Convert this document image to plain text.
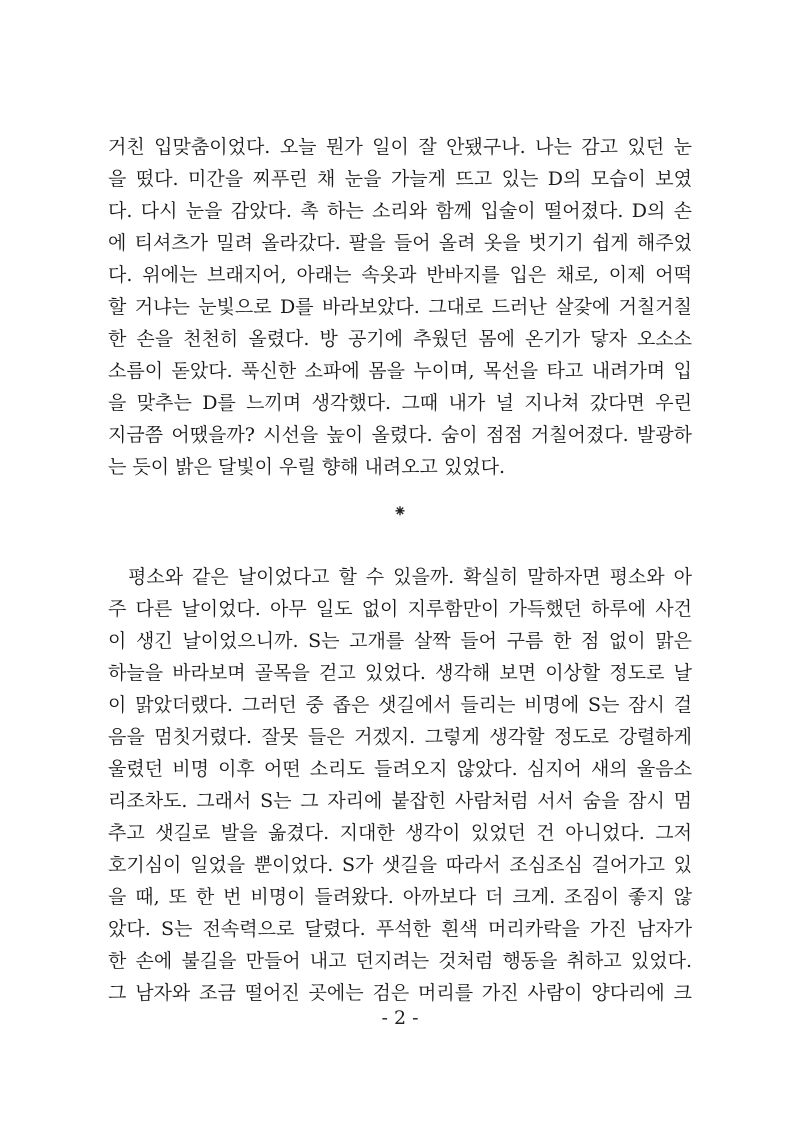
거친 입맞춤이었다. 오늘 뭔가 일이 잘 안됐구나. 나는 감고 있던 눈
을 떴다. 미간을 찌푸린 채 눈을 가늘게 뜨고 있는 D의 모습이 보였
다. 다시 눈을 감았다. 촉 하는 소리와 함께 입술이 떨어졌다. D의 손
에 티셔츠가 밀려 올라갔다. 팔을 들어 올려 옷을 벗기기 쉽게 해주었
다. 위에는 브래지어, 아래는 속옷과 반바지를 입은 채로, 이제 어떡
할 거냐는 눈빛으로 D를 바라보았다. 그대로 드러난 살갗에 거칠거칠
한 손을 천천히 올렸다. 방 공기에 추웠던 몸에 온기가 닿자 오소소
소름이 돋았다. 푹신한 소파에 몸을 누이며, 목선을 타고 내려가며 입
을 맞추는 D를 느끼며 생각했다. 그때 내가 널 지나쳐 갔다면 우린
지금쯤 어땠을까? 시선을 높이 올렸다. 숨이 점점 거칠어졌다. 발광하
는 듯이 밝은 달빛이 우릴 향해 내려오고 있었다.
⁕
평소와 같은 날이었다고 할 수 있을까. 확실히 말하자면 평소와 아
주 다른 날이었다. 아무 일도 없이 지루함만이 가득했던 하루에 사건
이 생긴 날이었으니까. S는 고개를 살짝 들어 구름 한 점 없이 맑은
하늘을 바라보며 골목을 걷고 있었다. 생각해 보면 이상할 정도로 날
이 맑았더랬다. 그러던 중 좁은 샛길에서 들리는 비명에 S는 잠시 걸
음을 멈칫거렸다. 잘못 들은 거겠지. 그렇게 생각할 정도로 강렬하게
울렸던 비명 이후 어떤 소리도 들려오지 않았다. 심지어 새의 울음소
리조차도. 그래서 S는 그 자리에 붙잡힌 사람처럼 서서 숨을 잠시 멈
추고 샛길로 발을 옮겼다. 지대한 생각이 있었던 건 아니었다. 그저
호기심이 일었을 뿐이었다. S가 샛길을 따라서 조심조심 걸어가고 있
을 때, 또 한 번 비명이 들려왔다. 아까보다 더 크게. 조짐이 좋지 않
았다. S는 전속력으로 달렸다. 푸석한 흰색 머리카락을 가진 남자가
한 손에 불길을 만들어 내고 던지려는 것처럼 행동을 취하고 있었다.
그 남자와 조금 떨어진 곳에는 검은 머리를 가진 사람이 양다리에 크
- 2 -
